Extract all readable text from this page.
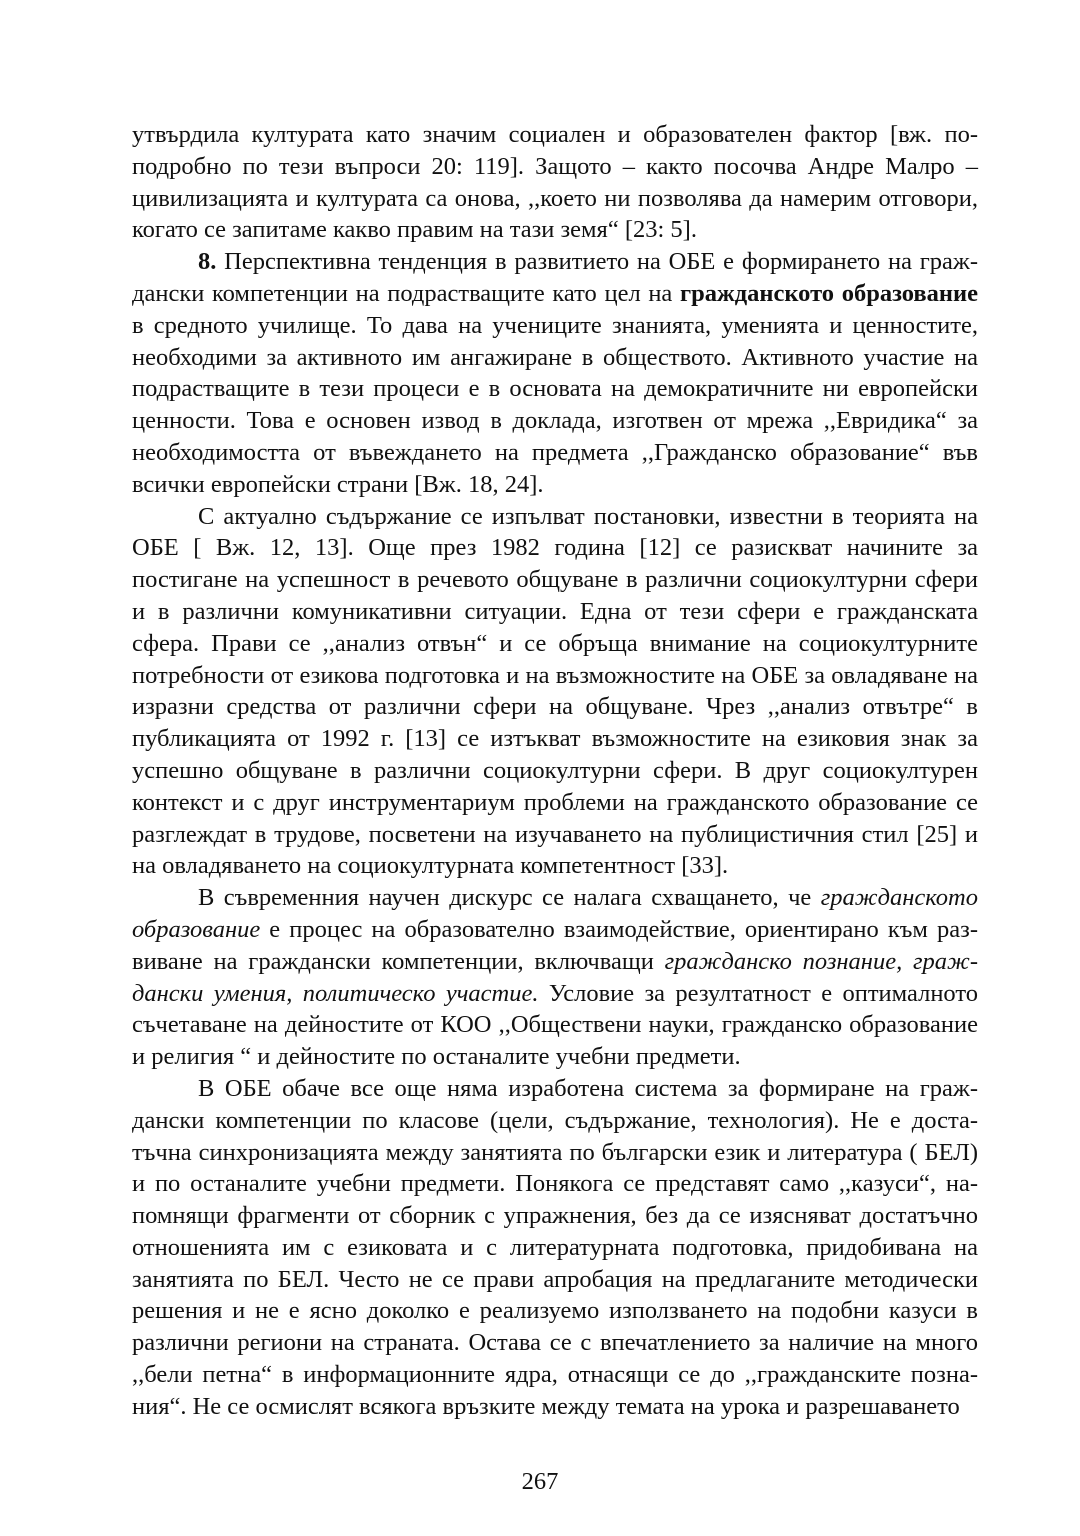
утвърдила културата като значим социален и образователен фактор [вж. по-подробно по тези въпроси 20: 119]. Защото – както посочва Андре Малро – цивилизацията и културата са онова, ,,което ни позволява да намерим отговори, когато се запитаме какво правим на тази земя“ [23: 5].

8. Перспективна тенденция в развитието на ОБЕ е формирането на граждански компетенции на подрастващите като цел на гражданското образование в средното училище. То дава на учениците знанията, уменията и ценностите, необходими за активното им ангажиране в обществото. Активното участие на подрастващите в тези процеси е в основата на демократичните ни европейски ценности. Това е основен извод в доклада, изготвен от мрежа ,,Евридика“ за необходимостта от въвеждането на предмета ,,Гражданско образование“ във всички европейски страни [Вж. 18, 24].

С актуално съдържание се изпълват постановки, известни в теорията на ОБЕ [ Вж. 12, 13]. Още през 1982 година [12] се разискват начините за постигане на успешност в речевото общуване в различни социокултурни сфери и в различни комуникативни ситуации. Една от тези сфери е гражданската сфера. Прави се ,,анализ отвън“ и се обръща внимание на социокултурните потребности от езикова подготовка и на възможностите на ОБЕ за овладяване на изразни средства от различни сфери на общуване. Чрез ,,анализ отвътре“ в публикацията от 1992 г. [13] се изтъкват възможностите на езиковия знак за успешно общуване в различни социокултурни сфери. В друг социокултурен контекст и с друг инструментариум проблеми на гражданското образование се разглеждат в трудове, посветени на изучаването на публицистичния стил [25] и на овладяването на социокултурната компетентност [33].

В съвременния научен дискурс се налага схващането, че гражданското образование е процес на образователно взаимодействие, ориентирано към развиване на граждански компетенции, включващи гражданско познание, граждански умения, политическо участие. Условие за резултатност е оптималното съчетаване на дейностите от КОО ,,Обществени науки, гражданско образование и религия “ и дейностите по останалите учебни предмети.

В ОБЕ обаче все още няма изработена система за формиране на граждански компетенции по класове (цели, съдържание, технология). Не е достатъчна синхронизацията между занятията по български език и литература ( БЕЛ) и по останалите учебни предмети. Понякога се представят само ,,казуси“, напомнящи фрагменти от сборник с упражнения, без да се изясняват достатъчно отношенията им с езиковата и с литературната подготовка, придобивана на занятията по БЕЛ. Често не се прави апробация на предлаганите методически решения и не е ясно доколко е реализуемо използването на подобни казуси в различни региони на страната. Остава се с впечатлението за наличие на много ,,бели петна“ в информационните ядра, отнасящи се до ,,гражданските познания“. Не се осмислят всякога връзките между темата на урока и разрешаването

267
